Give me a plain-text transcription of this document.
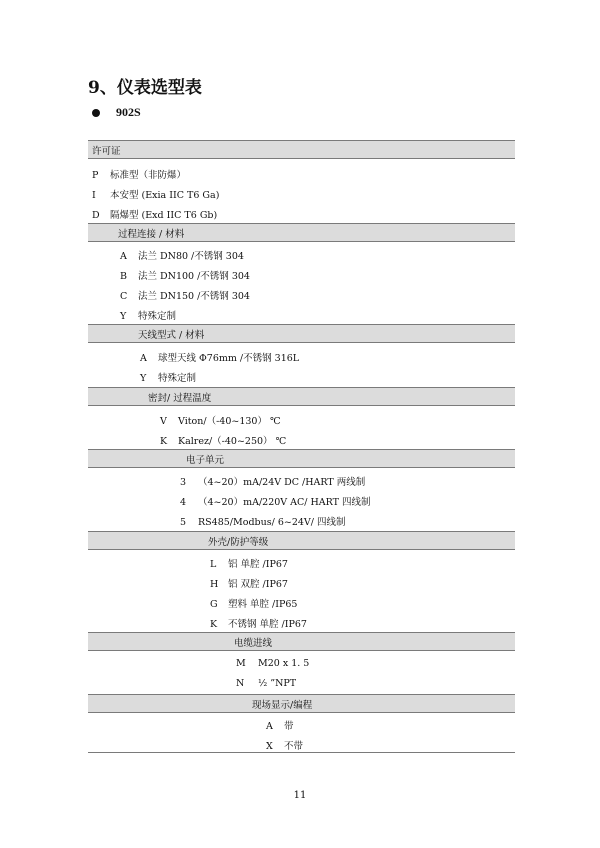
9、仪表选型表
902S
许可证
P 标准型（非防爆）
I 本安型 (Exia IIC T6 Ga)
D 隔爆型 (Exd IIC T6 Gb)
过程连接 / 材料
A 法兰 DN80 /不锈钢 304
B 法兰 DN100 /不锈钢 304
C 法兰 DN150 /不锈钢 304
Y 特殊定制
天线型式 / 材料
A 球型天线 Φ76mm /不锈钢 316L
Y 特殊定制
密封/ 过程温度
V Viton/（-40~130） ℃
K Kalrez/（-40~250） ℃
电子单元
3 （4~20）mA/24V DC /HART 两线制
4 （4~20）mA/220V AC/ HART 四线制
5 RS485/Modbus/ 6~24V/ 四线制
外壳/防护等级
L 铝 单腔 /IP67
H 铝 双腔 /IP67
G 塑料 单腔 /IP65
K 不锈钢 单腔 /IP67
电缆进线
M M20 x 1. 5
N ½ ”NPT
现场显示/编程
A 带
X 不带
11
